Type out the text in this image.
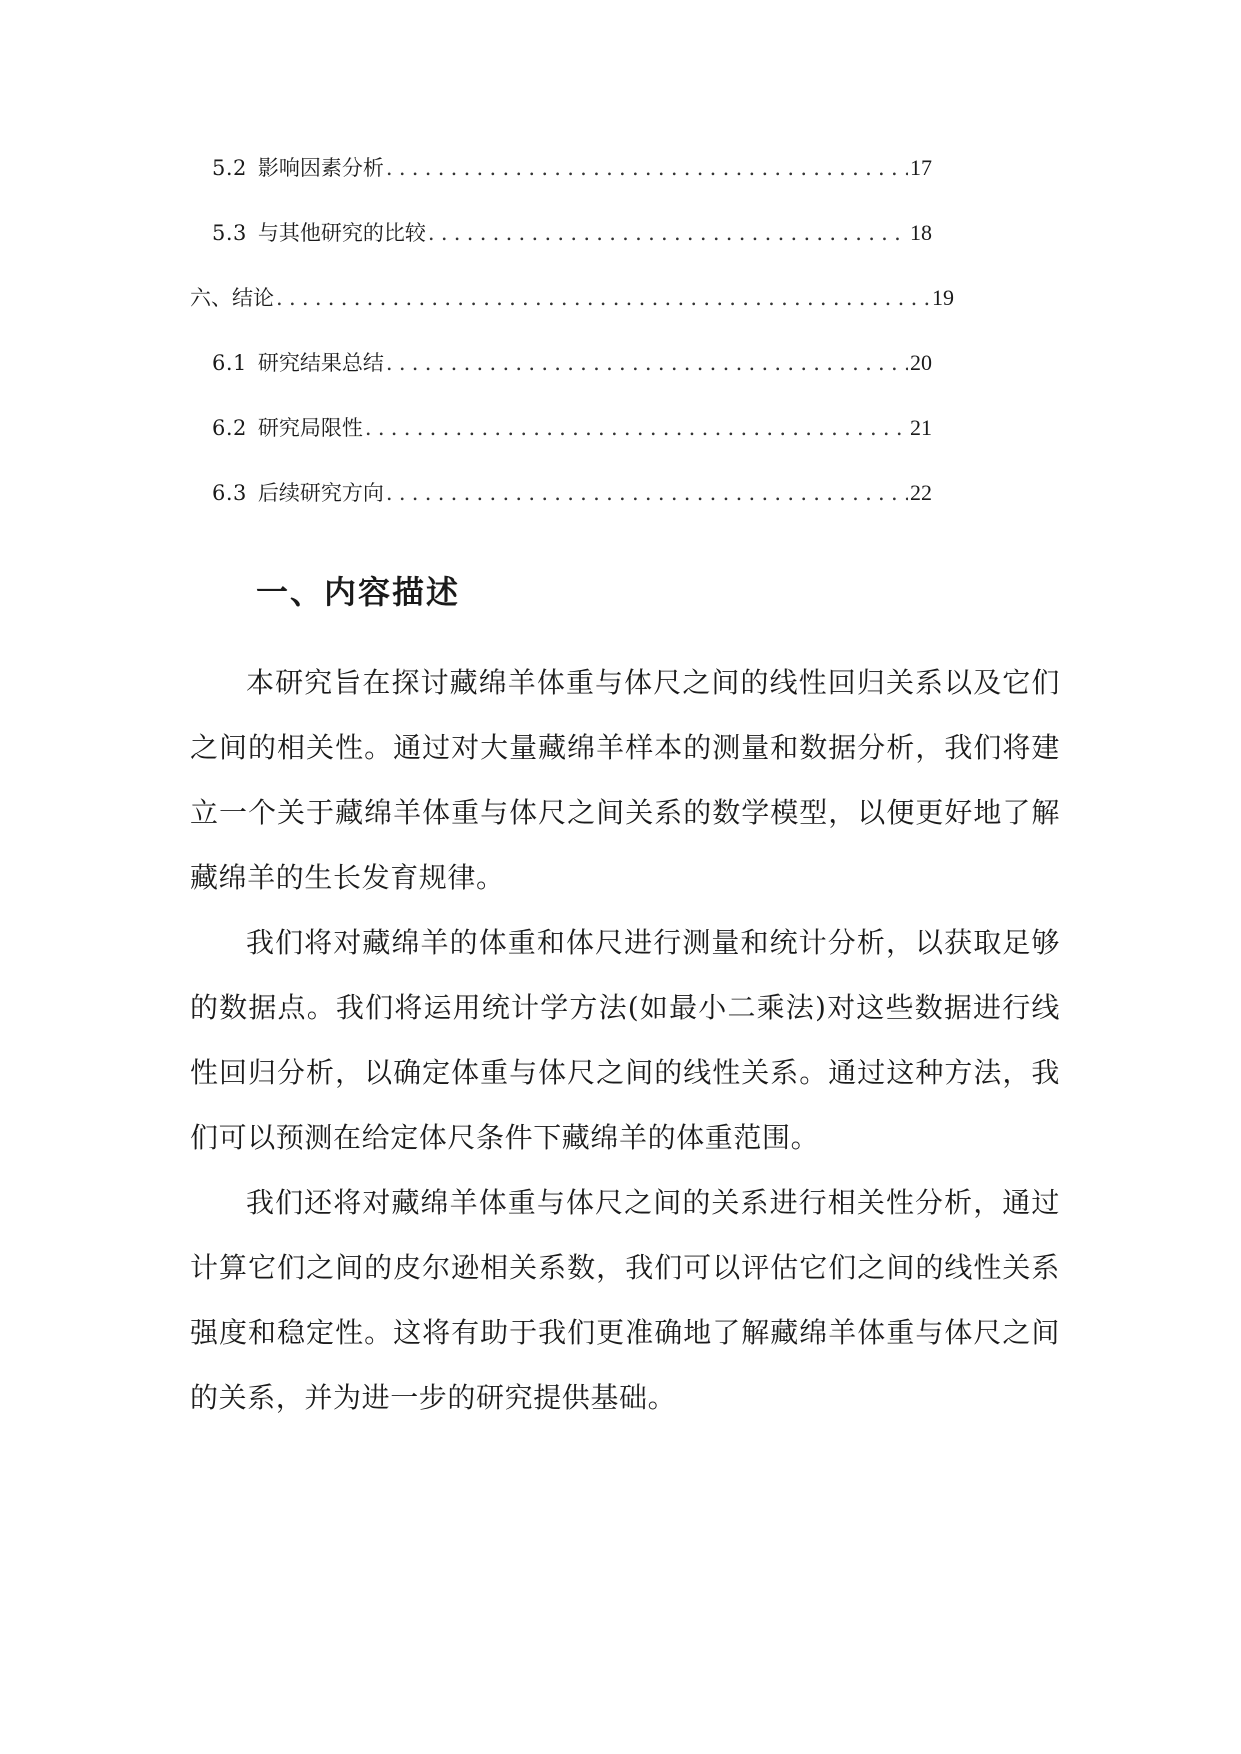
5.2 影响因素分析 . . .	17
5.3 与其他研究的比较 . . .	18
六、结论 . . .	19
6.1 研究结果总结 . . .	20
6.2 研究局限性 . . .	21
6.3 后续研究方向 . . .	22
一、内容描述

本研究旨在探讨藏绵羊体重与体尺之间的线性回归关系以及它们之间的相关性。通过对大量藏绵羊样本的测量和数据分析，我们将建立一个关于藏绵羊体重与体尺之间关系的数学模型，以便更好地了解藏绵羊的生长发育规律。

我们将对藏绵羊的体重和体尺进行测量和统计分析，以获取足够的数据点。我们将运用统计学方法(如最小二乘法)对这些数据进行线性回归分析，以确定体重与体尺之间的线性关系。通过这种方法，我们可以预测在给定体尺条件下藏绵羊的体重范围。

我们还将对藏绵羊体重与体尺之间的关系进行相关性分析，通过计算它们之间的皮尔逊相关系数，我们可以评估它们之间的线性关系强度和稳定性。这将有助于我们更准确地了解藏绵羊体重与体尺之间的关系，并为进一步的研究提供基础。
